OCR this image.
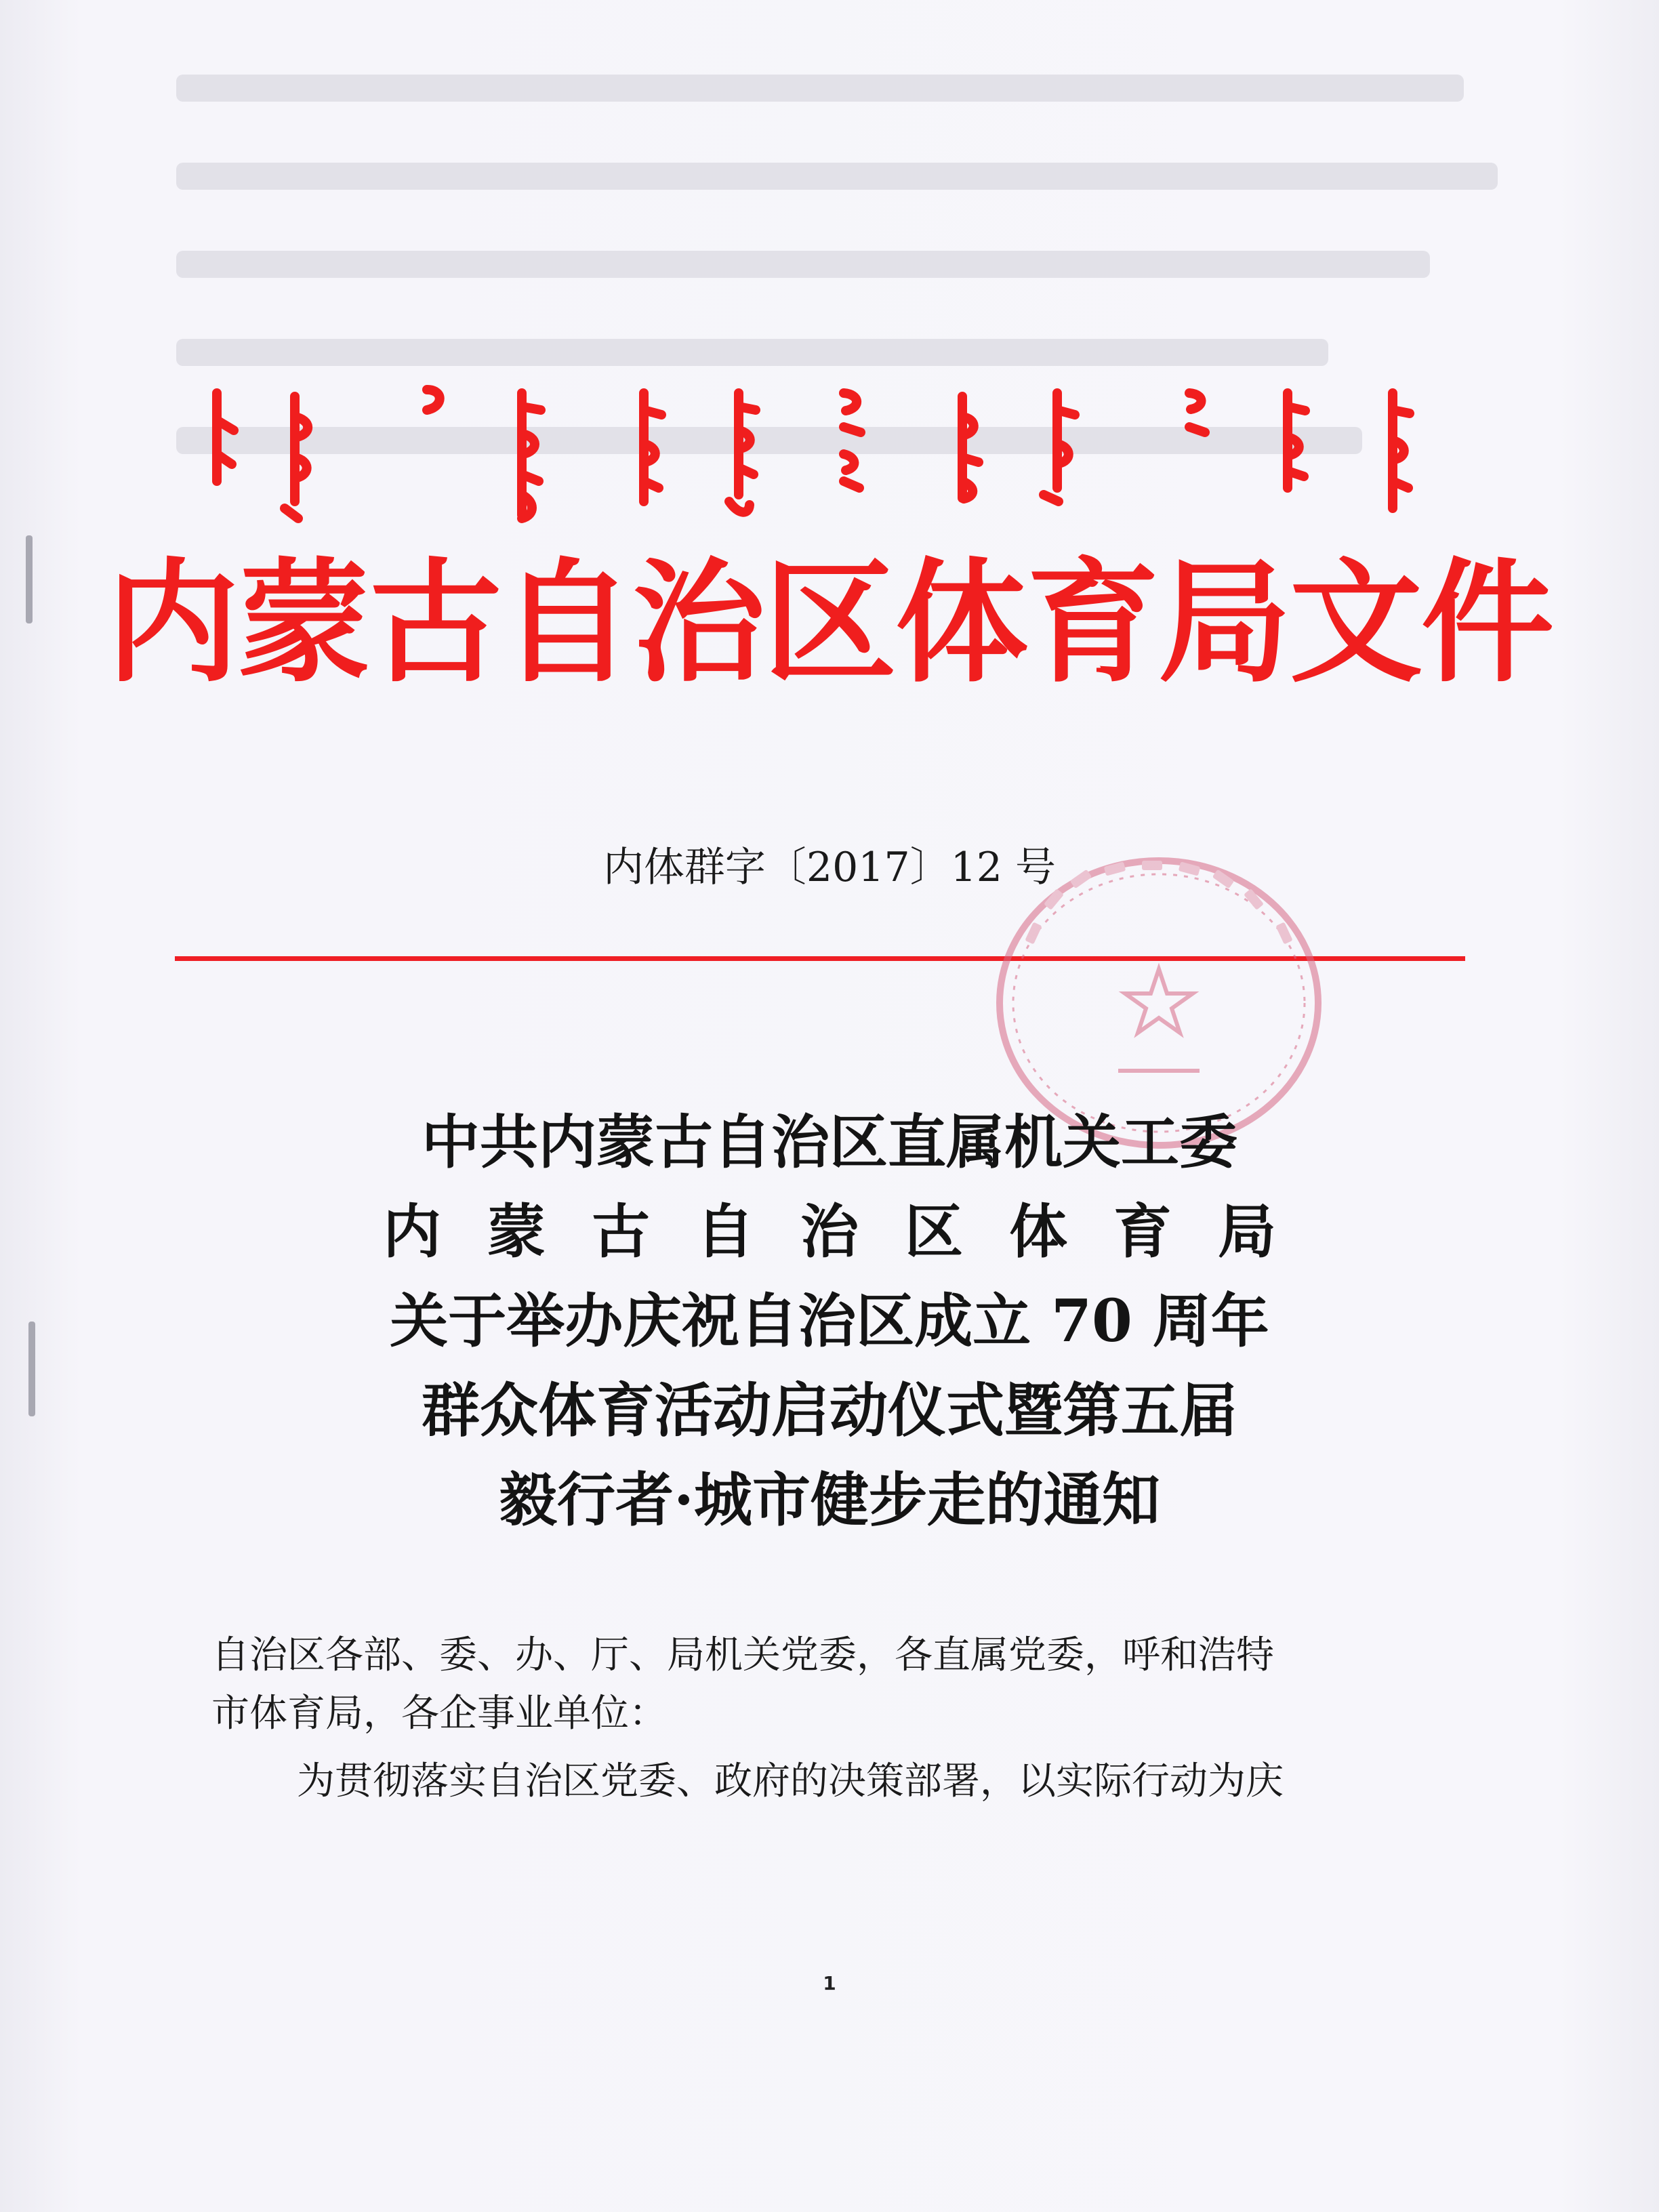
内蒙古自治区体育局文件
内体群字〔2017〕12 号
中共内蒙古自治区直属机关工委
内蒙古自治区体育局
关于举办庆祝自治区成立 70 周年
群众体育活动启动仪式暨第五届
毅行者·城市健步走的通知

自治区各部、委、办、厅、局机关党委，各直属党委，呼和浩特

市体育局，各企事业单位：

为贯彻落实自治区党委、政府的决策部署，以实际行动为庆

1
